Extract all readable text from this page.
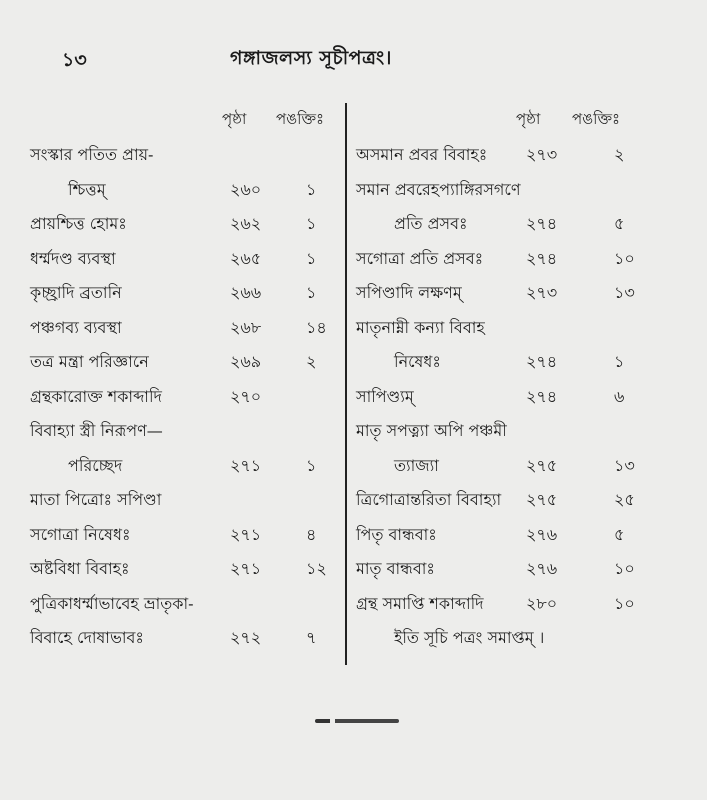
১৩	গঙ্গাজলস্য সূচীপত্রং।
পৃষ্ঠা পঙক্তিঃ
সংস্কার পতিত প্রায়-
শ্চিত্তম্	২৬০	১
প্রায়শ্চিত্ত হোমঃ	২৬২	১
ধর্ম্মদণ্ড ব্যবস্থা	২৬৫	১
কৃচ্ছ্রাদি ব্রতানি	২৬৬	১
পঞ্চগব্য ব্যবস্থা	২৬৮	১৪
তত্র মন্ত্রা পরিজ্ঞানে	২৬৯	২
গ্রন্থকারোক্ত শকাব্দাদি	২৭০
বিবাহ্যা স্ত্রী নিরূপণ—
পরিচ্ছেদ	২৭১	১
মাতা পিত্রোঃ সপিণ্ডা
সগোত্রা নিষেধঃ	২৭১	৪
অষ্টবিধা বিবাহঃ	২৭১	১২
পুত্রিকাধর্ম্মাভাবেহ ভ্রাতৃকা-
বিবাহে দোষাভাবঃ	২৭২	৭
পৃষ্ঠা পঙক্তিঃ
অসমান প্রবর বিবাহঃ ২৭৩	২
সমান প্রবরেহপ্যাঙ্গিরসগণে
প্রতি প্রসবঃ	২৭৪	৫
সগোত্রা প্রতি প্রসবঃ	২৭৪	১০
সপিণ্ডাদি লক্ষণম্	২৭৩	১৩
মাতৃনাম্নী কন্যা বিবাহ
নিষেধঃ	২৭৪	১
সাপিণ্ড্যম্	২৭৪	৬
মাতৃ সপত্ন্যা অপি পঞ্চমী
ত্যাজ্যা	২৭৫	১৩
ত্রিগোত্রান্তরিতা বিবাহ্যা ২৭৫	২৫
পিতৃ বান্ধবাঃ	২৭৬	৫
মাতৃ বান্ধবাঃ	২৭৬	১০
গ্রন্থ সমাপ্তি শকাব্দাদি	২৮০	১০
ইতি সূচি পত্রং সমাপ্তম্ ।
